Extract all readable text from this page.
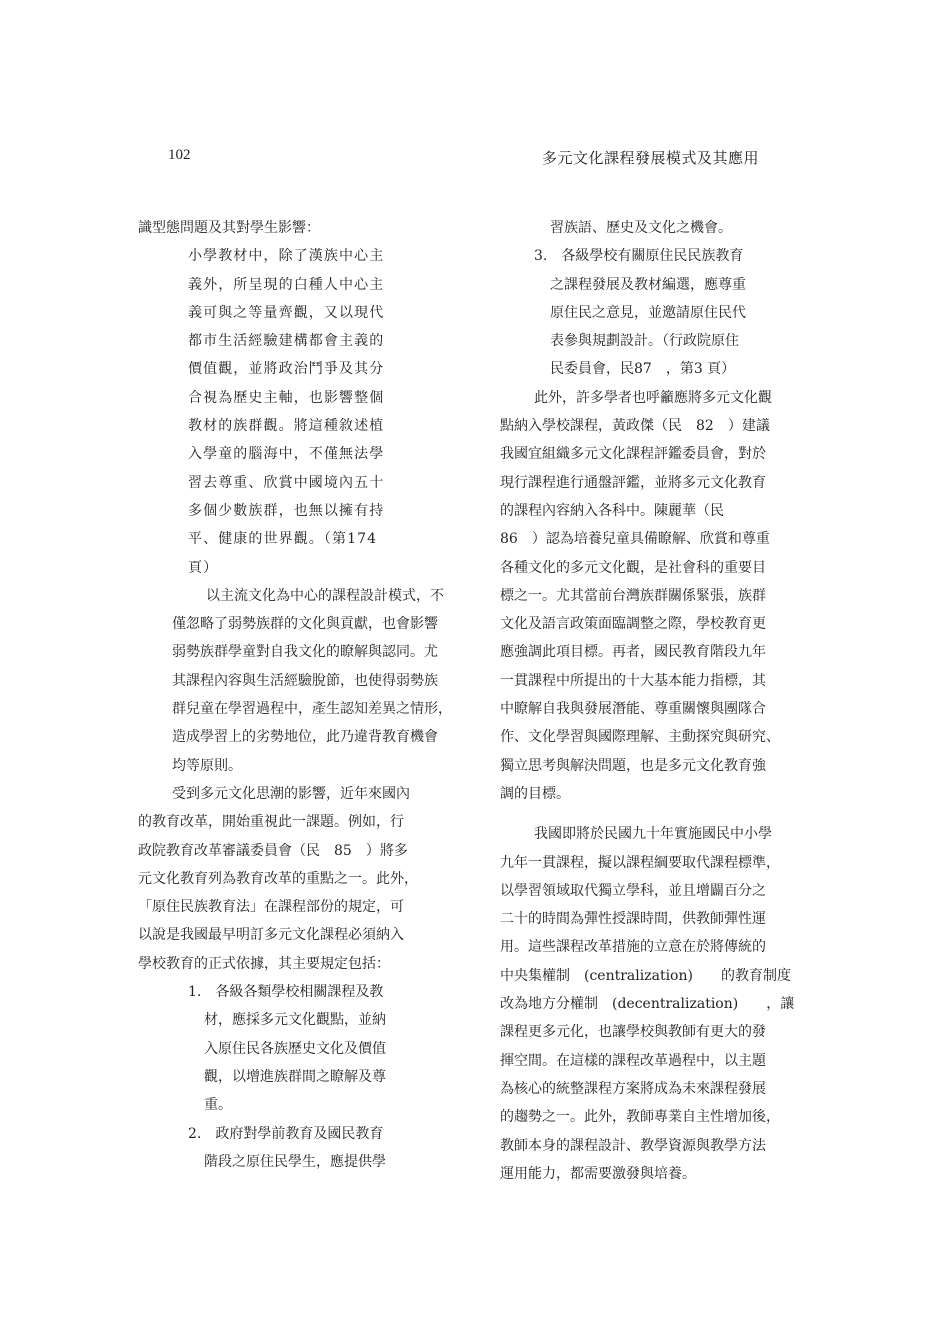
102	多元文化課程發展模式及其應用

識型態問題及其對學生影響：

小學教材中，除了漢族中心主
義外，所呈現的白種人中心主
義可與之等量齊觀，又以現代
都市生活經驗建構都會主義的
價值觀，並將政治鬥爭及其分
合視為歷史主軸，也影響整個
教材的族群觀。將這種敘述植
入學童的腦海中，不僅無法學
習去尊重、欣賞中國境內五十
多個少數族群，也無以擁有持
平、健康的世界觀。（第174
頁）
以主流文化為中心的課程設計模式，不
僅忽略了弱勢族群的文化與貢獻，也會影響
弱勢族群學童對自我文化的瞭解與認同。尤
其課程內容與生活經驗脫節，也使得弱勢族
群兒童在學習過程中，產生認知差異之情形，
造成學習上的劣勢地位，此乃違背教育機會
均等原則。
受到多元文化思潮的影響，近年來國內
的教育改革，開始重視此一課題。例如，行
政院教育改革審議委員會（民　85　）將多
元文化教育列為教育改革的重點之一。此外，
「原住民族教育法」在課程部份的規定，可
以說是我國最早明訂多元文化課程必須納入
學校教育的正式依據，其主要規定包括：
1.　各級各類學校相關課程及教
材，應採多元文化觀點，並納
入原住民各族歷史文化及價值
觀，以增進族群間之瞭解及尊
重。
2.　政府對學前教育及國民教育
階段之原住民學生，應提供學
習族語、歷史及文化之機會。
3.　各級學校有關原住民民族教育
之課程發展及教材編選，應尊重
原住民之意見，並邀請原住民代
表參與規劃設計。（行政院原住
民委員會，民87　，第3 頁）
此外，許多學者也呼籲應將多元文化觀
點納入學校課程，黃政傑（民　82　）建議
我國宜組織多元文化課程評鑑委員會，對於
現行課程進行通盤評鑑，並將多元文化教育
的課程內容納入各科中。陳麗華（民
86　）認為培養兒童具備瞭解、欣賞和尊重
各種文化的多元文化觀，是社會科的重要目
標之一。尤其當前台灣族群關係緊張，族群
文化及語言政策面臨調整之際，學校教育更
應強調此項目標。再者，國民教育階段九年
一貫課程中所提出的十大基本能力指標，其
中瞭解自我與發展潛能、尊重關懷與團隊合
作、文化學習與國際理解、主動探究與研究、
獨立思考與解決問題，也是多元文化教育強
調的目標。
我國即將於民國九十年實施國民中小學
九年一貫課程，擬以課程綱要取代課程標準，
以學習領域取代獨立學科，並且增闢百分之
二十的時間為彈性授課時間，供教師彈性運
用。這些課程改革措施的立意在於將傳統的
中央集權制　(centralization)　　的教育制度
改為地方分權制　(decentralization)　　，讓
課程更多元化，也讓學校與教師有更大的發
揮空間。在這樣的課程改革過程中，以主題
為核心的統整課程方案將成為未來課程發展
的趨勢之一。此外，教師專業自主性增加後，
教師本身的課程設計、教學資源與教學方法
運用能力，都需要激發與培養。
